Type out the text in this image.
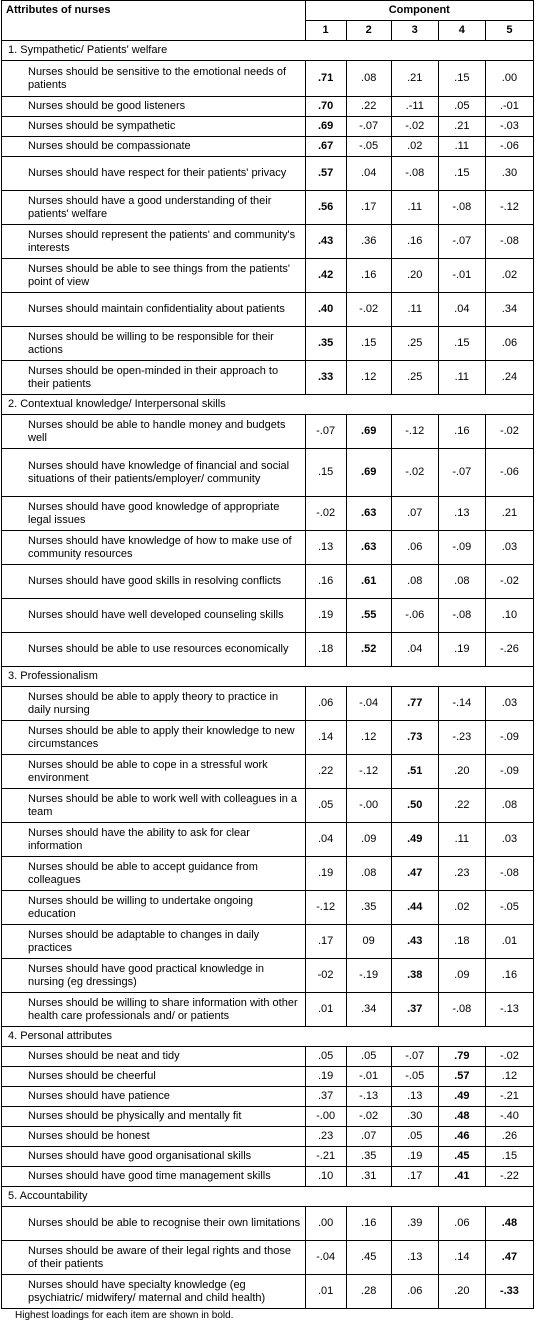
Attributes of nurses	Component				
	1	2	3	4	5
1. Sympathetic/ Patients' welfare					
Nurses should be sensitive to the emotional needs of patients	.71	.08	.21	.15	.00
Nurses should be good listeners	.70	.22	.-11	.05	.-01
Nurses should be sympathetic	.69	-.07	-.02	.21	-.03
Nurses should be compassionate	.67	-.05	.02	.11	-.06
Nurses should have respect for their patients' privacy	.57	.04	-.08	.15	.30
Nurses should have a good understanding of their patients' welfare	.56	.17	.11	-.08	-.12
Nurses should represent the patients' and community's interests	.43	.36	.16	-.07	-.08
Nurses should be able to see things from the patients' point of view	.42	.16	.20	-.01	.02
Nurses should maintain confidentiality about patients	.40	-.02	.11	.04	.34
Nurses should be willing to be responsible for their actions	.35	.15	.25	.15	.06
Nurses should be open-minded in their approach to their patients	.33	.12	.25	.11	.24
2. Contextual knowledge/ Interpersonal skills					
Nurses should be able to handle money and budgets well	-.07	.69	-.12	.16	-.02
Nurses should have knowledge of financial and social situations of their patients/employer/ community	.15	.69	-.02	-.07	-.06
Nurses should have good knowledge of appropriate legal issues	-.02	.63	.07	.13	.21
Nurses should have knowledge of how to make use of community resources	.13	.63	.06	-.09	.03
Nurses should have good skills in resolving conflicts	.16	.61	.08	.08	-.02
Nurses should have well developed counseling skills	.19	.55	-.06	-.08	.10
Nurses should be able to use resources economically	.18	.52	.04	.19	-.26
3. Professionalism					
Nurses should be able to apply theory to practice in daily nursing	.06	-.04	.77	-.14	.03
Nurses should be able to apply their knowledge to new circumstances	.14	.12	.73	-.23	-.09
Nurses should be able to cope in a stressful work environment	.22	-.12	.51	.20	-.09
Nurses should be able to work well with colleagues in a team	.05	-.00	.50	.22	.08
Nurses should have the ability to ask for clear information	.04	.09	.49	.11	.03
Nurses should be able to accept guidance from colleagues	.19	.08	.47	.23	-.08
Nurses should be willing to undertake ongoing education	-.12	.35	.44	.02	-.05
Nurses should be adaptable to changes in daily practices	.17	09	.43	.18	.01
Nurses should have good practical knowledge in nursing (eg dressings)	-02	-.19	.38	.09	.16
Nurses should be willing to share information with other health care professionals and/ or patients	.01	.34	.37	-.08	-.13
4. Personal attributes					
Nurses should be neat and tidy	.05	.05	-.07	.79	-.02
Nurses should be cheerful	.19	-.01	-.05	.57	.12
Nurses should have patience	.37	-.13	.13	.49	-.21
Nurses should be physically and mentally fit	-.00	-.02	.30	.48	-.40
Nurses should be honest	.23	.07	.05	.46	.26
Nurses should have good organisational skills	-.21	.35	.19	.45	.15
Nurses should have good time management skills	.10	.31	.17	.41	-.22
5. Accountability					
Nurses should be able to recognise their own limitations	.00	.16	.39	.06	.48
Nurses should be aware of their legal rights and those of their patients	-.04	.45	.13	.14	.47
Nurses should have specialty knowledge (eg psychiatric/ midwifery/ maternal and child health)	.01	.28	.06	.20	-.33
Highest loadings for each item are shown in bold.
